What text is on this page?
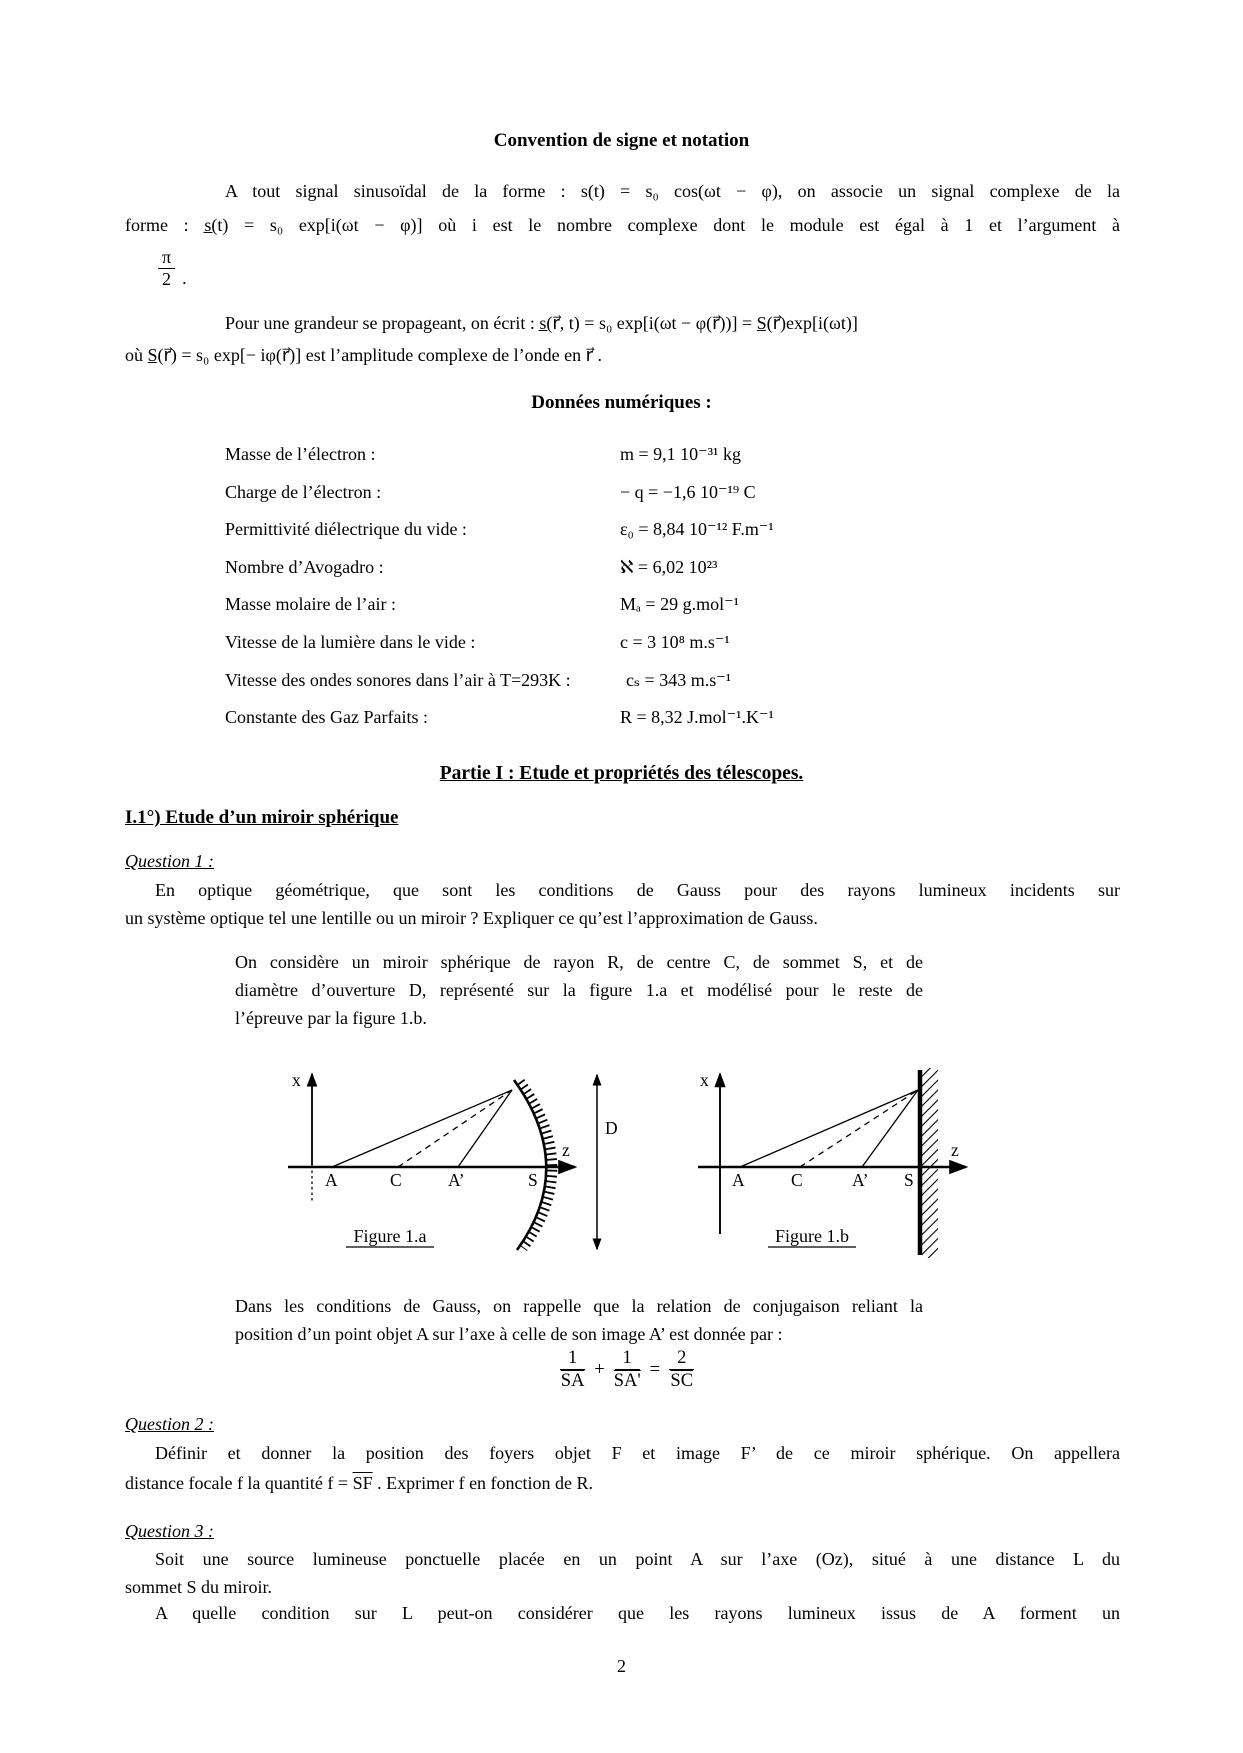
Convention de signe et notation
A tout signal sinusoïdal de la forme : s(t) = s₀ cos(ωt − φ), on associe un signal complexe de la
forme : s̲(t) = s₀ exp[i(ωt − φ)] où i est le nombre complexe dont le module est égal à 1 et l’argument à
$\frac{\pi}{2}$ .
Pour une grandeur se propageant, on écrit : s̲(r⃗, t) = s₀ exp[i(ωt − φ(r⃗))] = S̲(r⃗)exp[i(ωt)]
où S̲(r⃗) = s₀ exp[− iφ(r⃗)] est l’amplitude complexe de l’onde en r⃗ .
Données numériques :
Masse de l’électron :	m = 9,1 10⁻³¹ kg
Charge de l’électron :	− q = −1,6 10⁻¹⁹ C
Permittivité diélectrique du vide :	ε₀ = 8,84 10⁻¹² F.m⁻¹
Nombre d’Avogadro :	ℵ = 6,02 10²³
Masse molaire de l’air :	Mₐ = 29 g.mol⁻¹
Vitesse de la lumière dans le vide :	c = 3 10⁸ m.s⁻¹
Vitesse des ondes sonores dans l’air à T=293K :	cₛ = 343 m.s⁻¹
Constante des Gaz Parfaits :	R = 8,32 J.mol⁻¹.K⁻¹
Partie I : Etude et propriétés des télescopes.
I.1°) Etude d’un miroir sphérique
Question 1 :
En optique géométrique, que sont les conditions de Gauss pour des rayons lumineux incidents sur
un système optique tel une lentille ou un miroir ? Expliquer ce qu’est l’approximation de Gauss.
On considère un miroir sphérique de rayon R, de centre C, de sommet S, et de
diamètre d’ouverture D, représenté sur la figure 1.a et modélisé pour le reste de
l’épreuve par la figure 1.b.
x
z
A	C	A’	S
Figure 1.a
D
x
z
A	C	A’ S
Figure 1.b
Dans les conditions de Gauss, on rappelle que la relation de conjugaison reliant la
position d’un point objet A sur l’axe à celle de son image A’ est donnée par :
1
$\overline{SA}$
+ $\frac{1}{SA'} = \frac{2}{SC}$
Question 2 :
Définir et donner la position des foyers objet F et image F’ de ce miroir sphérique. On appellera
distance focale f la quantité $f = \overline{SF}$ . Exprimer f en fonction de R.
Question 3 :
Soit une source lumineuse ponctuelle placée en un point A sur l’axe (Oz), situé à une distance L du
sommet S du miroir.
A quelle condition sur L peut-on considérer que les rayons lumineux issus de A forment un
2
